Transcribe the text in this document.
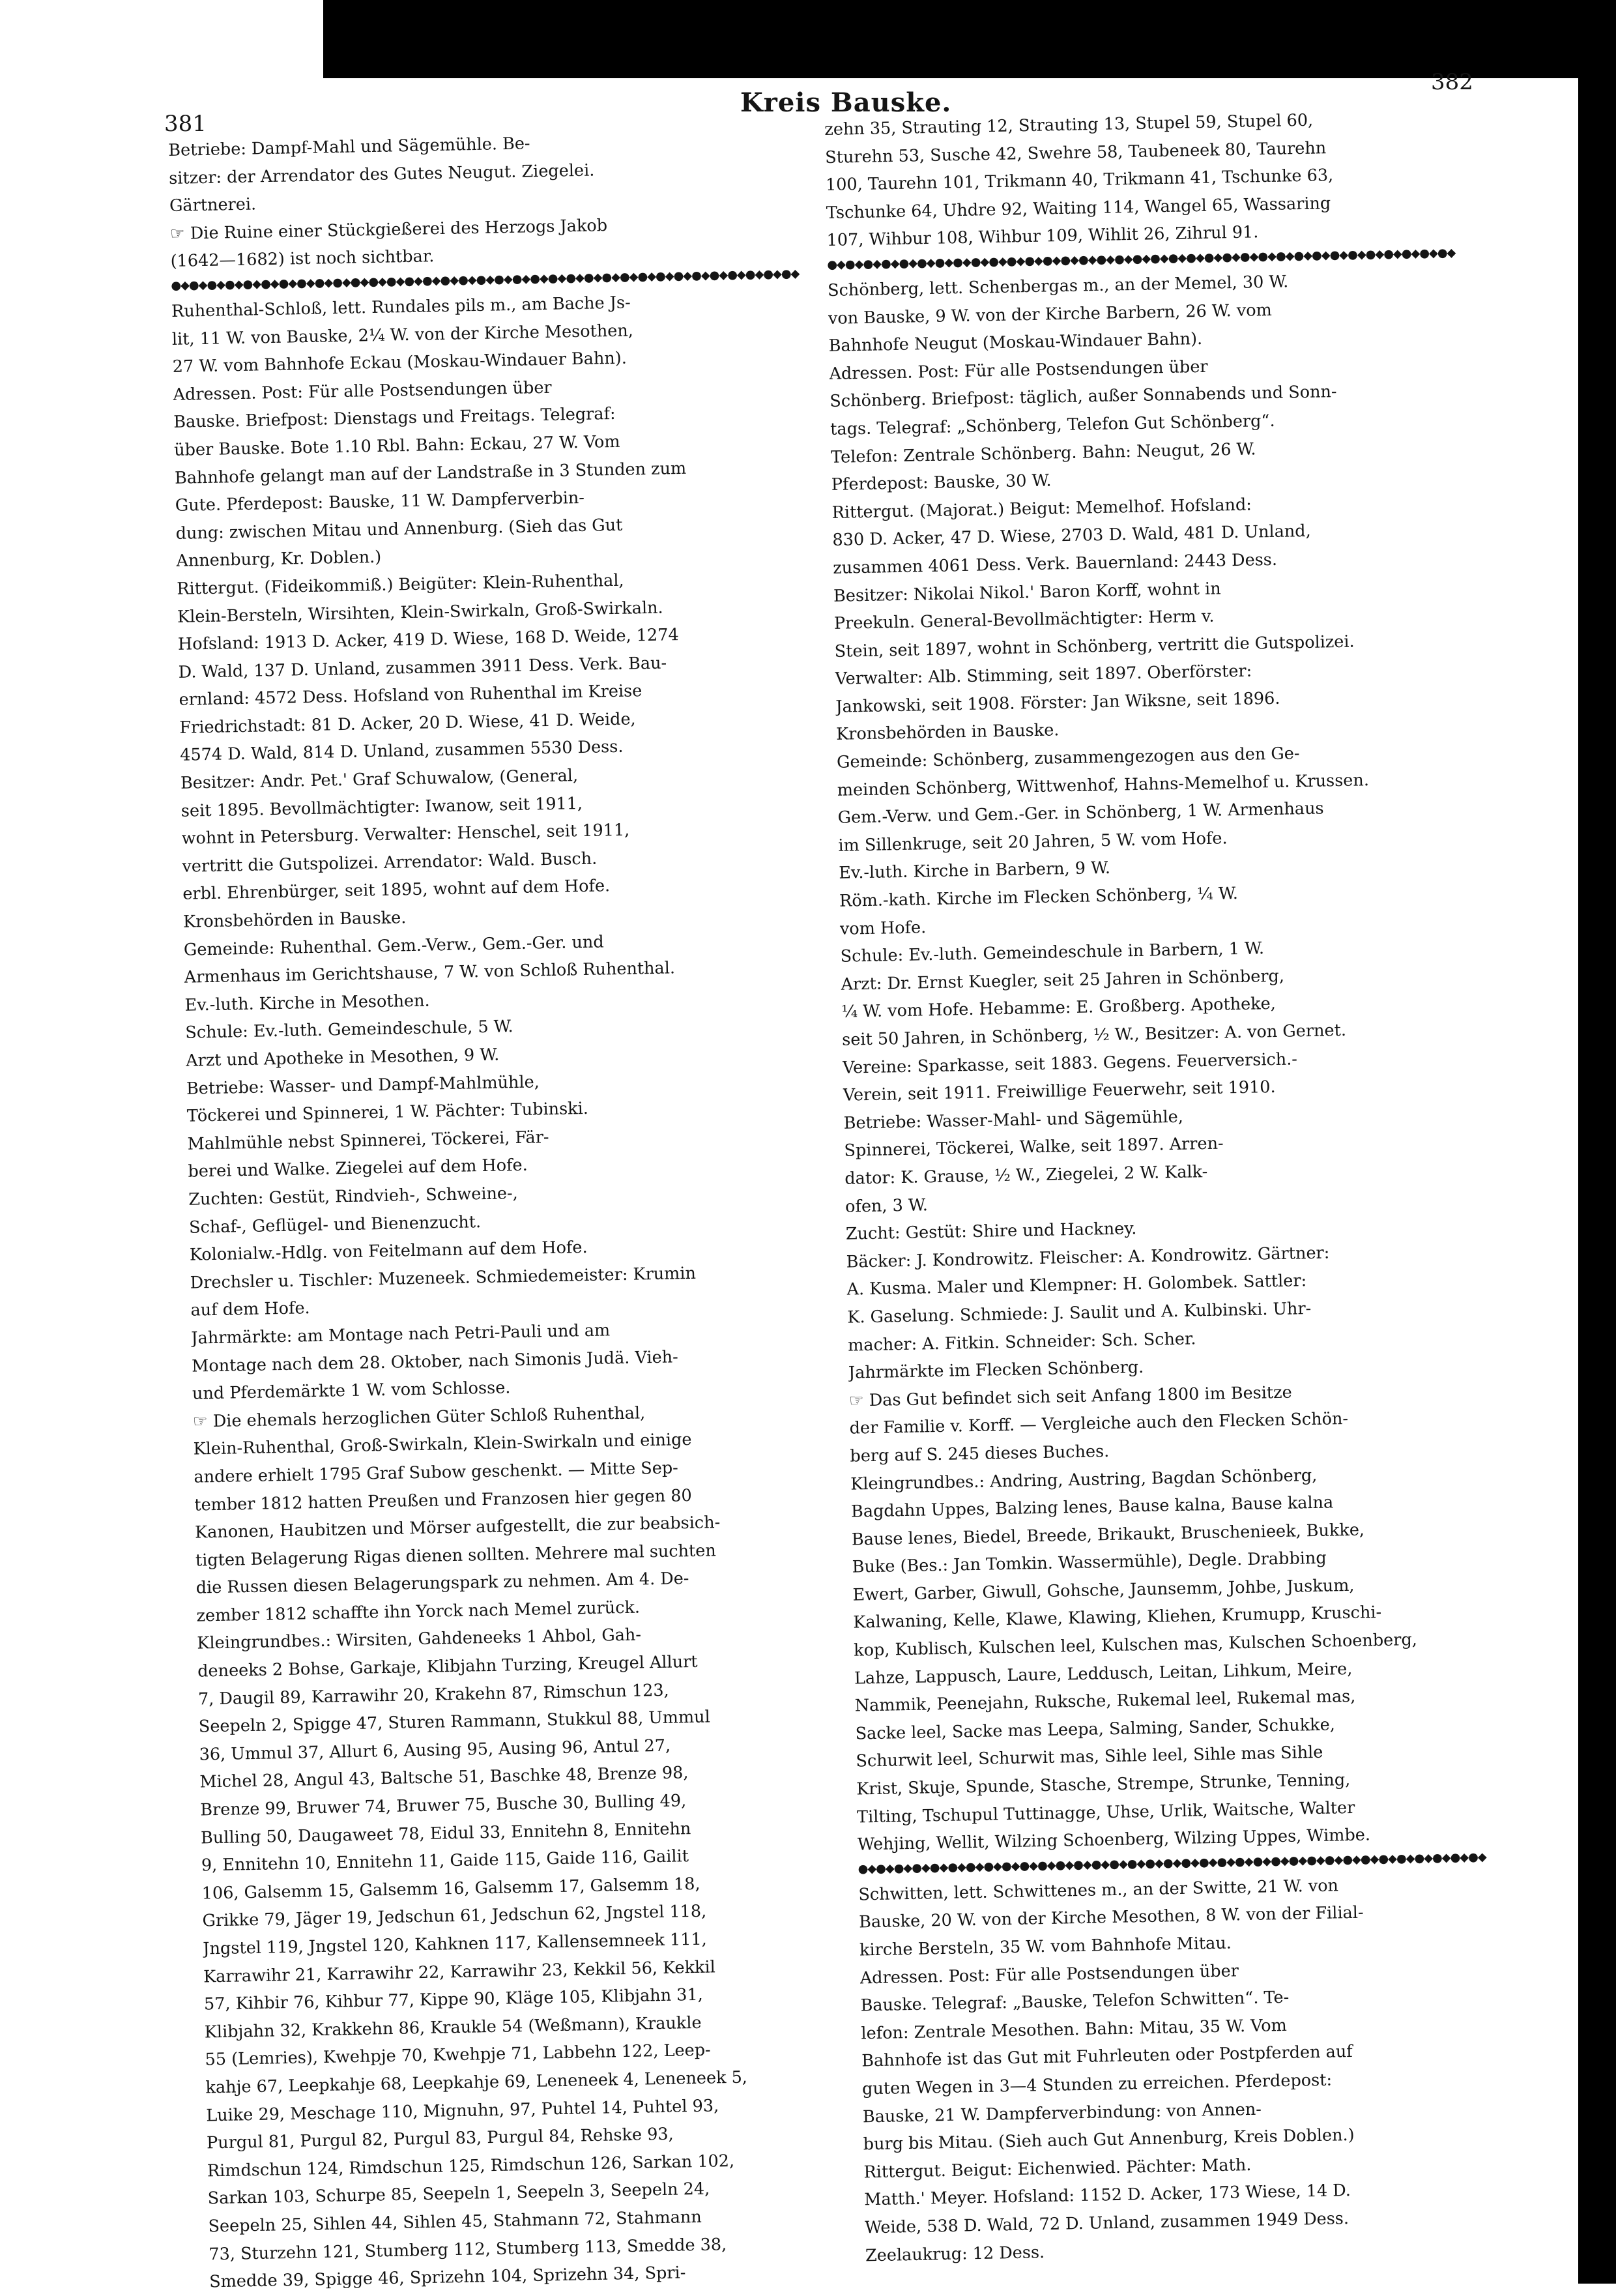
381
Kreis Bauske.
382

Betriebe: Dampf-Mahl und Sägemühle. Be-

sitzer: der Arrendator des Gutes Neugut. Ziegelei.

Gärtnerei.

☞ Die Ruine einer Stückgießerei des Herzogs Jakob

(1642—1682) ist noch sichtbar.

●◆●◆●◆●◆●◆●◆●◆●◆●◆●◆●◆●◆●◆●◆●◆●◆●◆●◆●◆●◆●◆●◆●◆●◆●◆●◆●◆●◆●◆●◆●◆●◆●◆●◆●◆

Ruhenthal-Schloß, lett. Rundales pils m., am Bache Js-

lit, 11 W. von Bauske, 2¼ W. von der Kirche Mesothen,

27 W. vom Bahnhofe Eckau (Moskau-Windauer Bahn).

Adressen. Post: Für alle Postsendungen über

Bauske. Briefpost: Dienstags und Freitags. Telegraf:

über Bauske. Bote 1.10 Rbl. Bahn: Eckau, 27 W. Vom

Bahnhofe gelangt man auf der Landstraße in 3 Stunden zum

Gute. Pferdepost: Bauske, 11 W. Dampferverbin-

dung: zwischen Mitau und Annenburg. (Sieh das Gut

Annenburg, Kr. Doblen.)

Rittergut. (Fideikommiß.) Beigüter: Klein-Ruhenthal,

Klein-Bersteln, Wirsihten, Klein-Swirkaln, Groß-Swirkaln.

Hofsland: 1913 D. Acker, 419 D. Wiese, 168 D. Weide, 1274

D. Wald, 137 D. Unland, zusammen 3911 Dess. Verk. Bau-

ernland: 4572 Dess. Hofsland von Ruhenthal im Kreise

Friedrichstadt: 81 D. Acker, 20 D. Wiese, 41 D. Weide,

4574 D. Wald, 814 D. Unland, zusammen 5530 Dess.

Besitzer: Andr. Pet.' Graf Schuwalow, (General,

seit 1895. Bevollmächtigter: Iwanow, seit 1911,

wohnt in Petersburg. Verwalter: Henschel, seit 1911,

vertritt die Gutspolizei. Arrendator: Wald. Busch.

erbl. Ehrenbürger, seit 1895, wohnt auf dem Hofe.

Kronsbehörden in Bauske.

Gemeinde: Ruhenthal. Gem.-Verw., Gem.-Ger. und

Armenhaus im Gerichtshause, 7 W. von Schloß Ruhenthal.

Ev.-luth. Kirche in Mesothen.

Schule: Ev.-luth. Gemeindeschule, 5 W.

Arzt und Apotheke in Mesothen, 9 W.

Betriebe: Wasser- und Dampf-Mahlmühle,

Töckerei und Spinnerei, 1 W. Pächter: Tubinski.

Mahlmühle nebst Spinnerei, Töckerei, Fär-

berei und Walke. Ziegelei auf dem Hofe.

Zuchten: Gestüt, Rindvieh-, Schweine-,

Schaf-, Geflügel- und Bienenzucht.

Kolonialw.-Hdlg. von Feitelmann auf dem Hofe.

Drechsler u. Tischler: Muzeneek. Schmiedemeister: Krumin

auf dem Hofe.

Jahrmärkte: am Montage nach Petri-Pauli und am

Montage nach dem 28. Oktober, nach Simonis Judä. Vieh-

und Pferdemärkte 1 W. vom Schlosse.

☞ Die ehemals herzoglichen Güter Schloß Ruhenthal,

Klein-Ruhenthal, Groß-Swirkaln, Klein-Swirkaln und einige

andere erhielt 1795 Graf Subow geschenkt. — Mitte Sep-

tember 1812 hatten Preußen und Franzosen hier gegen 80

Kanonen, Haubitzen und Mörser aufgestellt, die zur beabsich-

tigten Belagerung Rigas dienen sollten. Mehrere mal suchten

die Russen diesen Belagerungspark zu nehmen. Am 4. De-

zember 1812 schaffte ihn Yorck nach Memel zurück.

Kleingrundbes.: Wirsiten, Gahdeneeks 1 Ahbol, Gah-

deneeks 2 Bohse, Garkaje, Klibjahn Turzing, Kreugel Allurt

7, Daugil 89, Karrawihr 20, Krakehn 87, Rimschun 123,

Seepeln 2, Spigge 47, Sturen Rammann, Stukkul 88, Ummul

36, Ummul 37, Allurt 6, Ausing 95, Ausing 96, Antul 27,

Michel 28, Angul 43, Baltsche 51, Baschke 48, Brenze 98,

Brenze 99, Bruwer 74, Bruwer 75, Busche 30, Bulling 49,

Bulling 50, Daugaweet 78, Eidul 33, Ennitehn 8, Ennitehn

9, Ennitehn 10, Ennitehn 11, Gaide 115, Gaide 116, Gailit

106, Galsemm 15, Galsemm 16, Galsemm 17, Galsemm 18,

Grikke 79, Jäger 19, Jedschun 61, Jedschun 62, Jngstel 118,

Jngstel 119, Jngstel 120, Kahknen 117, Kallensemneek 111,

Karrawihr 21, Karrawihr 22, Karrawihr 23, Kekkil 56, Kekkil

57, Kihbir 76, Kihbur 77, Kippe 90, Kläge 105, Klibjahn 31,

Klibjahn 32, Krakkehn 86, Kraukle 54 (Weßmann), Kraukle

55 (Lemries), Kwehpje 70, Kwehpje 71, Labbehn 122, Leep-

kahje 67, Leepkahje 68, Leepkahje 69, Leneneek 4, Leneneek 5,

Luike 29, Meschage 110, Mignuhn, 97, Puhtel 14, Puhtel 93,

Purgul 81, Purgul 82, Purgul 83, Purgul 84, Rehske 93,

Rimdschun 124, Rimdschun 125, Rimdschun 126, Sarkan 102,

Sarkan 103, Schurpe 85, Seepeln 1, Seepeln 3, Seepeln 24,

Seepeln 25, Sihlen 44, Sihlen 45, Stahmann 72, Stahmann

73, Sturzehn 121, Stumberg 112, Stumberg 113, Smedde 38,

Smedde 39, Spigge 46, Sprizehn 104, Sprizehn 34, Spri-

zehn 35, Strauting 12, Strauting 13, Stupel 59, Stupel 60,

Sturehn 53, Susche 42, Swehre 58, Taubeneek 80, Taurehn

100, Taurehn 101, Trikmann 40, Trikmann 41, Tschunke 63,

Tschunke 64, Uhdre 92, Waiting 114, Wangel 65, Wassaring

107, Wihbur 108, Wihbur 109, Wihlit 26, Zihrul 91.

●◆●◆●◆●◆●◆●◆●◆●◆●◆●◆●◆●◆●◆●◆●◆●◆●◆●◆●◆●◆●◆●◆●◆●◆●◆●◆●◆●◆●◆●◆●◆●◆●◆●◆●◆

Schönberg, lett. Schenbergas m., an der Memel, 30 W.

von Bauske, 9 W. von der Kirche Barbern, 26 W. vom

Bahnhofe Neugut (Moskau-Windauer Bahn).

Adressen. Post: Für alle Postsendungen über

Schönberg. Briefpost: täglich, außer Sonnabends und Sonn-

tags. Telegraf: „Schönberg, Telefon Gut Schönberg“.

Telefon: Zentrale Schönberg. Bahn: Neugut, 26 W.

Pferdepost: Bauske, 30 W.

Rittergut. (Majorat.) Beigut: Memelhof. Hofsland:

830 D. Acker, 47 D. Wiese, 2703 D. Wald, 481 D. Unland,

zusammen 4061 Dess. Verk. Bauernland: 2443 Dess.

Besitzer: Nikolai Nikol.' Baron Korff, wohnt in

Preekuln. General-Bevollmächtigter: Herm v.

Stein, seit 1897, wohnt in Schönberg, vertritt die Gutspolizei.

Verwalter: Alb. Stimming, seit 1897. Oberförster:

Jankowski, seit 1908. Förster: Jan Wiksne, seit 1896.

Kronsbehörden in Bauske.

Gemeinde: Schönberg, zusammengezogen aus den Ge-

meinden Schönberg, Wittwenhof, Hahns-Memelhof u. Krussen.

Gem.-Verw. und Gem.-Ger. in Schönberg, 1 W. Armenhaus

im Sillenkruge, seit 20 Jahren, 5 W. vom Hofe.

Ev.-luth. Kirche in Barbern, 9 W.

Röm.-kath. Kirche im Flecken Schönberg, ¼ W.

vom Hofe.

Schule: Ev.-luth. Gemeindeschule in Barbern, 1 W.

Arzt: Dr. Ernst Kuegler, seit 25 Jahren in Schönberg,

¼ W. vom Hofe. Hebamme: E. Großberg. Apotheke,

seit 50 Jahren, in Schönberg, ½ W., Besitzer: A. von Gernet.

Vereine: Sparkasse, seit 1883. Gegens. Feuerversich.-

Verein, seit 1911. Freiwillige Feuerwehr, seit 1910.

Betriebe: Wasser-Mahl- und Sägemühle,

Spinnerei, Töckerei, Walke, seit 1897. Arren-

dator: K. Grause, ½ W., Ziegelei, 2 W. Kalk-

ofen, 3 W.

Zucht: Gestüt: Shire und Hackney.

Bäcker: J. Kondrowitz. Fleischer: A. Kondrowitz. Gärtner:

A. Kusma. Maler und Klempner: H. Golombek. Sattler:

K. Gaselung. Schmiede: J. Saulit und A. Kulbinski. Uhr-

macher: A. Fitkin. Schneider: Sch. Scher.

Jahrmärkte im Flecken Schönberg.

☞ Das Gut befindet sich seit Anfang 1800 im Besitze

der Familie v. Korff. — Vergleiche auch den Flecken Schön-

berg auf S. 245 dieses Buches.

Kleingrundbes.: Andring, Austring, Bagdan Schönberg,

Bagdahn Uppes, Balzing lenes, Bause kalna, Bause kalna

Bause lenes, Biedel, Breede, Brikaukt, Bruschenieek, Bukke,

Buke (Bes.: Jan Tomkin. Wassermühle), Degle. Drabbing

Ewert, Garber, Giwull, Gohsche, Jaunsemm, Johbe, Juskum,

Kalwaning, Kelle, Klawe, Klawing, Kliehen, Krumupp, Kruschi-

kop, Kublisch, Kulschen leel, Kulschen mas, Kulschen Schoenberg,

Lahze, Lappusch, Laure, Leddusch, Leitan, Lihkum, Meire,

Nammik, Peenejahn, Ruksche, Rukemal leel, Rukemal mas,

Sacke leel, Sacke mas Leepa, Salming, Sander, Schukke,

Schurwit leel, Schurwit mas, Sihle leel, Sihle mas Sihle

Krist, Skuje, Spunde, Stasche, Strempe, Strunke, Tenning,

Tilting, Tschupul Tuttinagge, Uhse, Urlik, Waitsche, Walter

Wehjing, Wellit, Wilzing Schoenberg, Wilzing Uppes, Wimbe.

●◆●◆●◆●◆●◆●◆●◆●◆●◆●◆●◆●◆●◆●◆●◆●◆●◆●◆●◆●◆●◆●◆●◆●◆●◆●◆●◆●◆●◆●◆●◆●◆●◆●◆●◆

Schwitten, lett. Schwittenes m., an der Switte, 21 W. von

Bauske, 20 W. von der Kirche Mesothen, 8 W. von der Filial-

kirche Bersteln, 35 W. vom Bahnhofe Mitau.

Adressen. Post: Für alle Postsendungen über

Bauske. Telegraf: „Bauske, Telefon Schwitten“. Te-

lefon: Zentrale Mesothen. Bahn: Mitau, 35 W. Vom

Bahnhofe ist das Gut mit Fuhrleuten oder Postpferden auf

guten Wegen in 3—4 Stunden zu erreichen. Pferdepost:

Bauske, 21 W. Dampferverbindung: von Annen-

burg bis Mitau. (Sieh auch Gut Annenburg, Kreis Doblen.)

Rittergut. Beigut: Eichenwied. Pächter: Math.

Matth.' Meyer. Hofsland: 1152 D. Acker, 173 Wiese, 14 D.

Weide, 538 D. Wald, 72 D. Unland, zusammen 1949 Dess.

Zeelaukrug: 12 Dess.
